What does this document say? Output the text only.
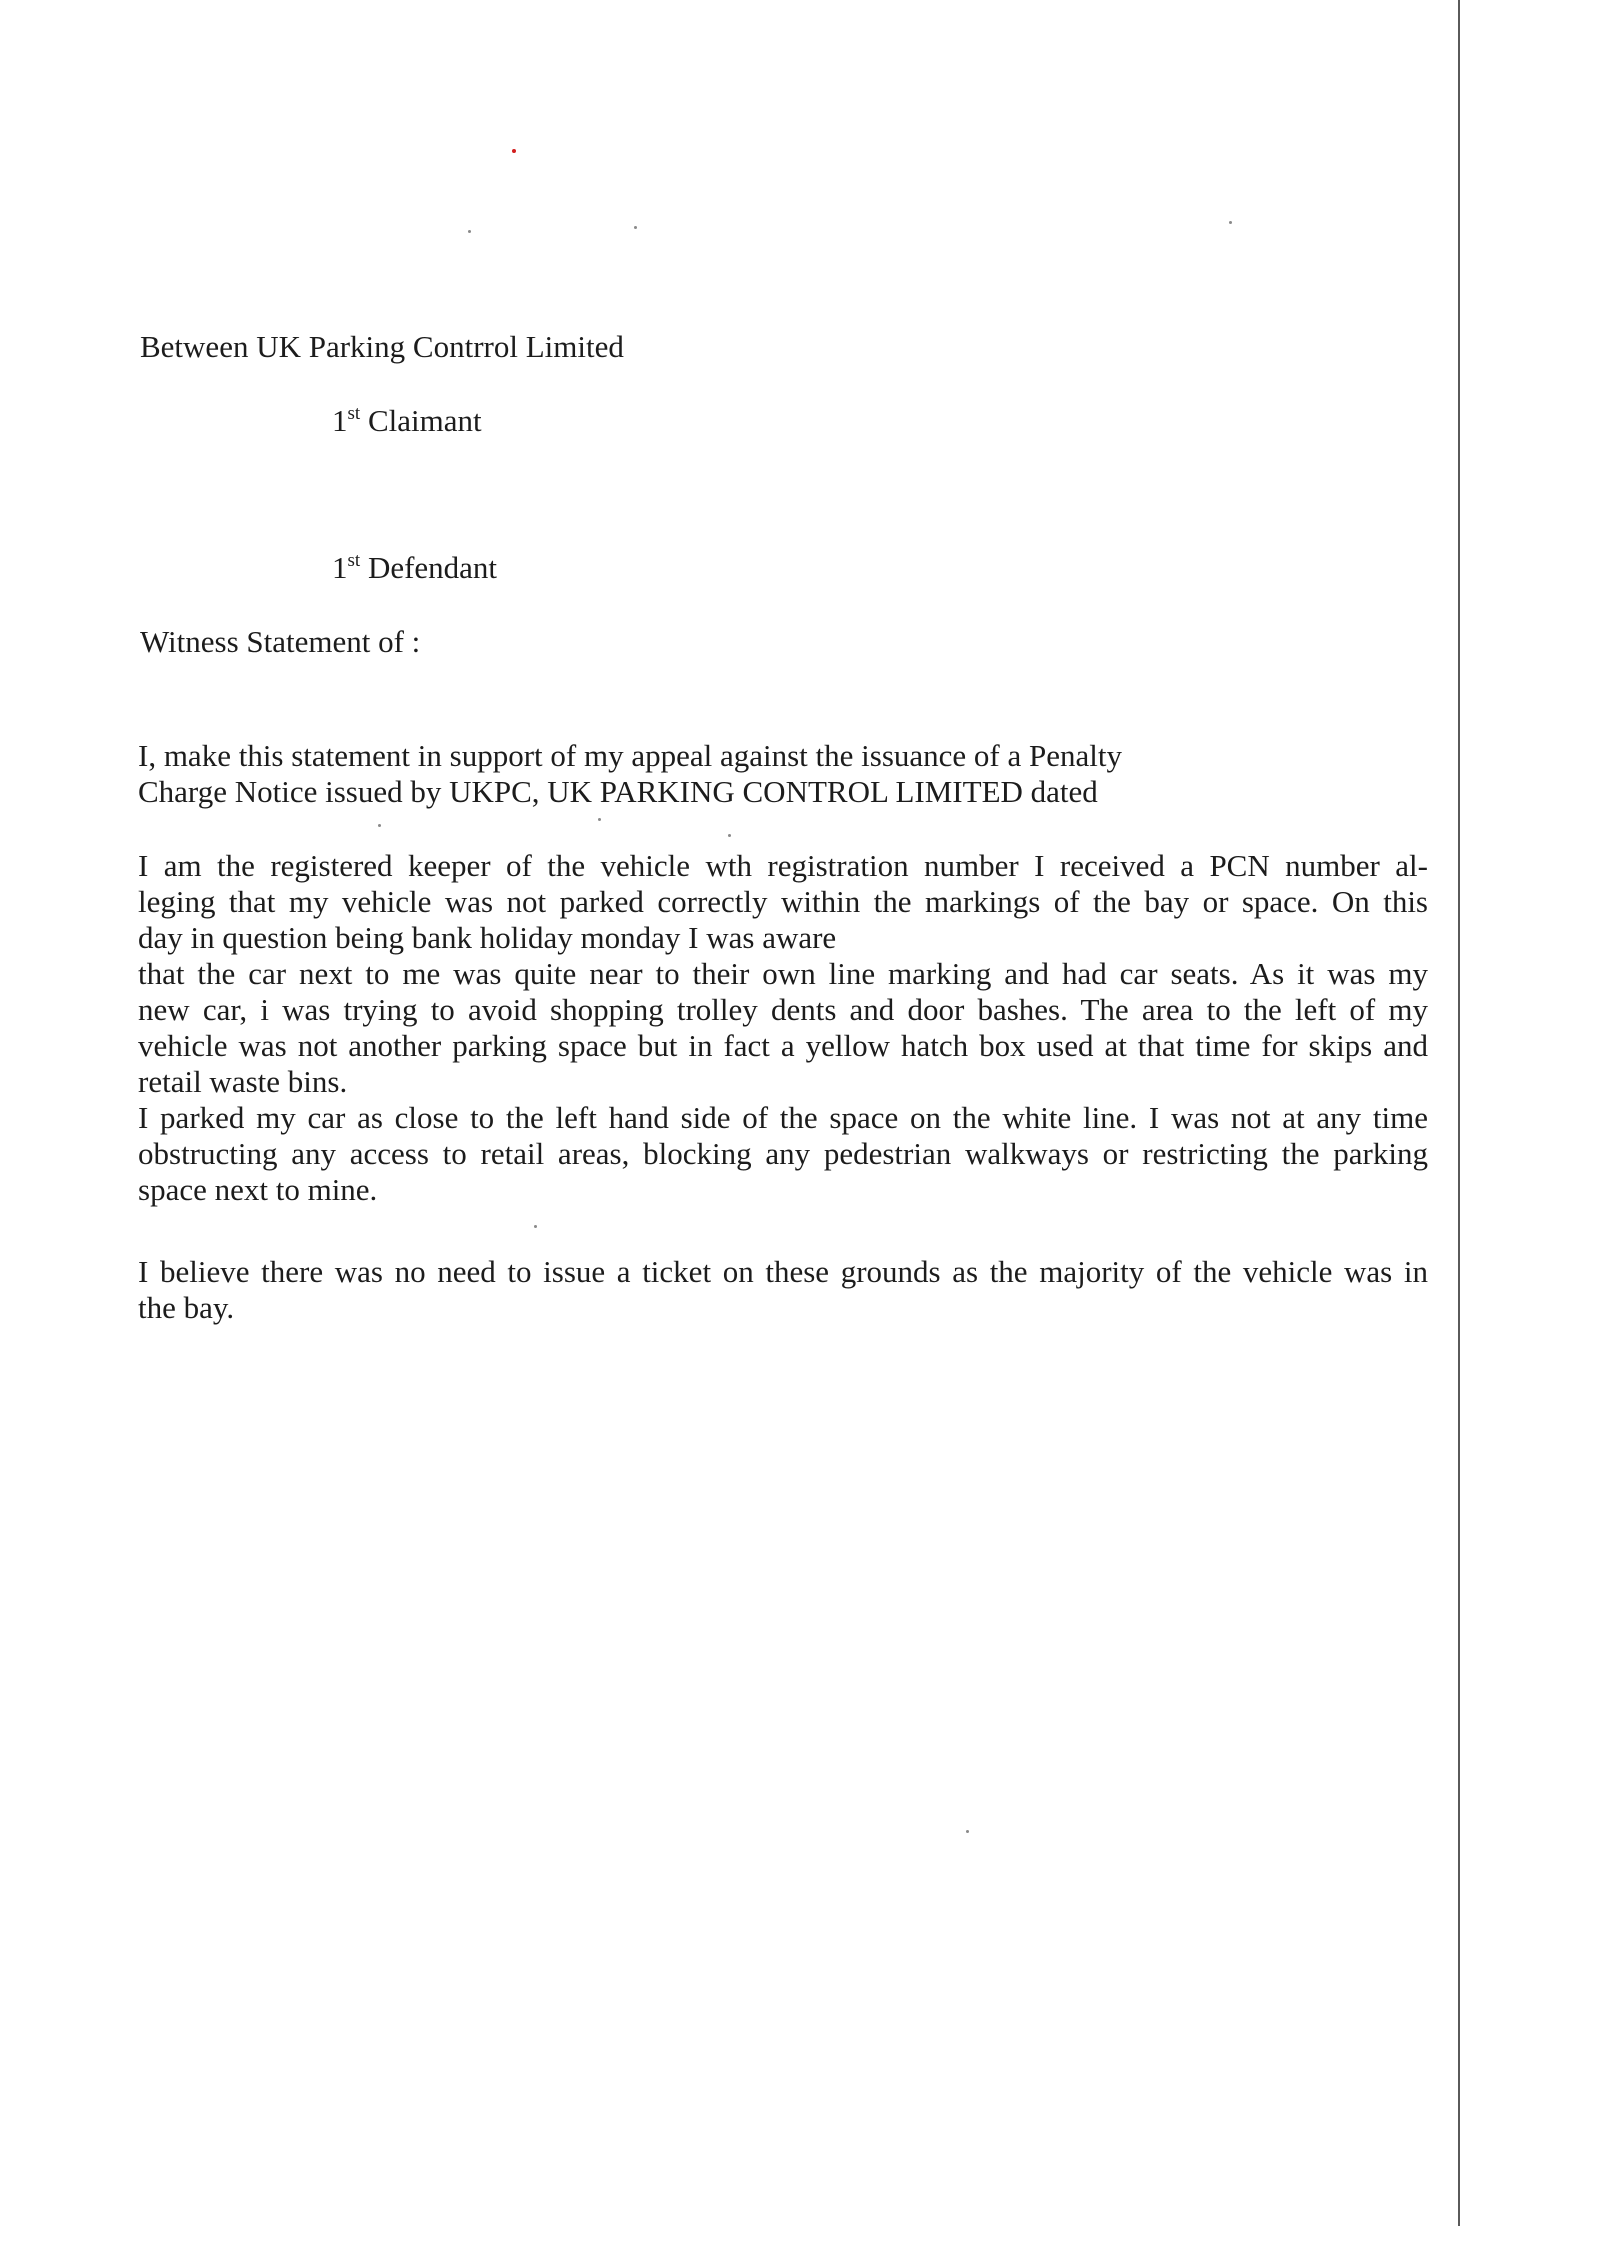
Between UK Parking Contrrol Limited

1st Claimant

1st Defendant

Witness Statement of :

I, make this statement in support of my appeal against the issuance of a Penalty
Charge Notice issued by UKPC, UK PARKING CONTROL LIMITED dated
I am the registered keeper of the vehicle wth registration number I received a PCN number al-
leging that my vehicle was not parked correctly within the markings of the bay or space. On this
day in question being bank holiday monday I was aware
that the car next to me was quite near to their own line marking and had car seats. As it was my
new car, i was trying to avoid shopping trolley dents and door bashes. The area to the left of my
vehicle was not another parking space but in fact a yellow hatch box used at that time for skips and
retail waste bins.
I parked my car as close to the left hand side of the space on the white line. I was not at any time
obstructing any access to retail areas, blocking any pedestrian walkways or restricting the parking
space next to mine.
I believe there was no need to issue a ticket on these grounds as the majority of the vehicle was in
the bay.
